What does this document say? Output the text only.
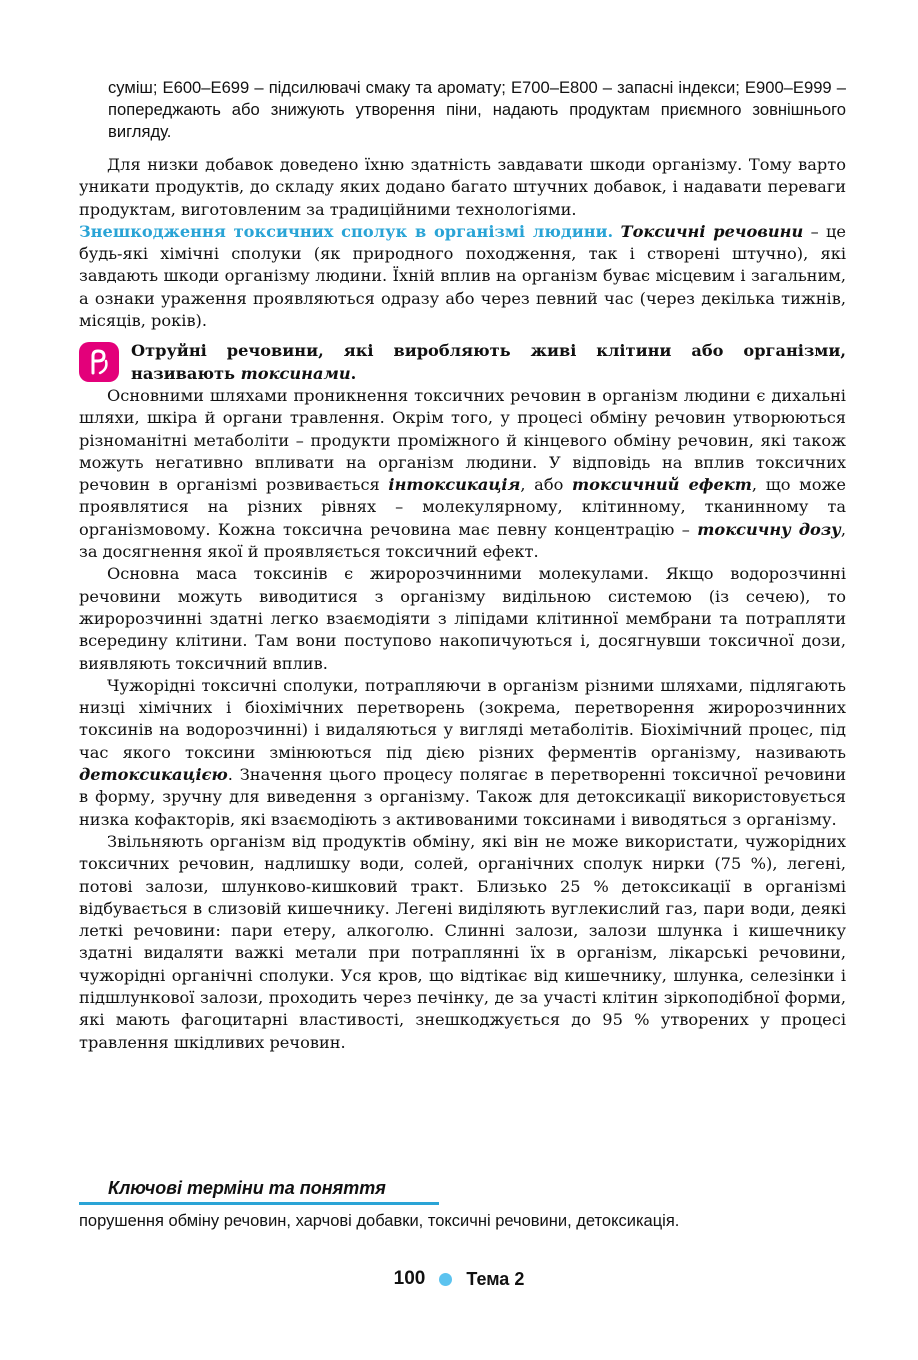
суміш; Е600–Е699 – підсилювачі смаку та аромату; Е700–Е800 – запасні індекси; Е900–Е999 – попереджають або знижують утворення піни, надають продуктам приємного зовнішнього вигляду.

Для низки добавок доведено їхню здатність завдавати шкоди організму. Тому варто уникати продуктів, до складу яких додано багато штучних добавок, і надавати переваги продуктам, виготовленим за традиційними технологіями.

Знешкодження токсичних сполук в організмі людини. Токсичні речовини – це будь-які хімічні сполуки (як природного походження, так і створені штучно), які завдають шкоди організму людини. Їхній вплив на організм буває місцевим і загальним, а ознаки ураження проявляються одразу або через певний час (через декілька тижнів, місяців, років).

Отруйні речовини, які виробляють живі клітини або організми, називають токсинами.

Основними шляхами проникнення токсичних речовин в організм людини є дихальні шляхи, шкіра й органи травлення. Окрім того, у процесі обміну речовин утворюються різноманітні метаболіти – продукти проміжного й кінцевого обміну речовин, які також можуть негативно впливати на організм людини. У відповідь на вплив токсичних речовин в організмі розвивається інтоксикація, або токсичний ефект, що може проявлятися на різних рівнях – молекулярному, клітинному, тканинному та організмовому. Кожна токсична речовина має певну концентрацію – токсичну дозу, за досягнення якої й проявляється токсичний ефект.

Основна маса токсинів є жиророзчинними молекулами. Якщо водорозчинні речовини можуть виводитися з організму видільною системою (із сечею), то жиророзчинні здатні легко взаємодіяти з ліпідами клітинної мембрани та потрапляти всередину клітини. Там вони поступово накопичуються і, досягнувши токсичної дози, виявляють токсичний вплив.

Чужорідні токсичні сполуки, потрапляючи в організм різними шляхами, підлягають низці хімічних і біохімічних перетворень (зокрема, перетворення жиророзчинних токсинів на водорозчинні) і видаляються у вигляді метаболітів. Біохімічний процес, під час якого токсини змінюються під дією різних ферментів організму, називають детоксикацією. Значення цього процесу полягає в перетворенні токсичної речовини в форму, зручну для виведення з організму. Також для детоксикації використовується низка кофакторів, які взаємодіють з активованими токсинами і виводяться з організму.

Звільняють організм від продуктів обміну, які він не може використати, чужорідних токсичних речовин, надлишку води, солей, органічних сполук нирки (75 %), легені, потові залози, шлунково-кишковий тракт. Близько 25 % детоксикації в організмі відбувається в слизовій кишечнику. Легені виділяють вуглекислий газ, пари води, деякі леткі речовини: пари етеру, алкоголю. Слинні залози, залози шлунка і кишечнику здатні видаляти важкі метали при потраплянні їх в організм, лікарські речовини, чужорідні органічні сполуки. Уся кров, що відтікає від кишечнику, шлунка, селезінки і підшлункової залози, проходить через печінку, де за участі клітин зіркоподібної форми, які мають фагоцитарні властивості, знешкоджується до 95 % утворених у процесі травлення шкідливих речовин.

Ключові терміни та поняття
порушення обміну речовин, харчові добавки, токсичні речовини, детоксикація.
100 Тема 2
